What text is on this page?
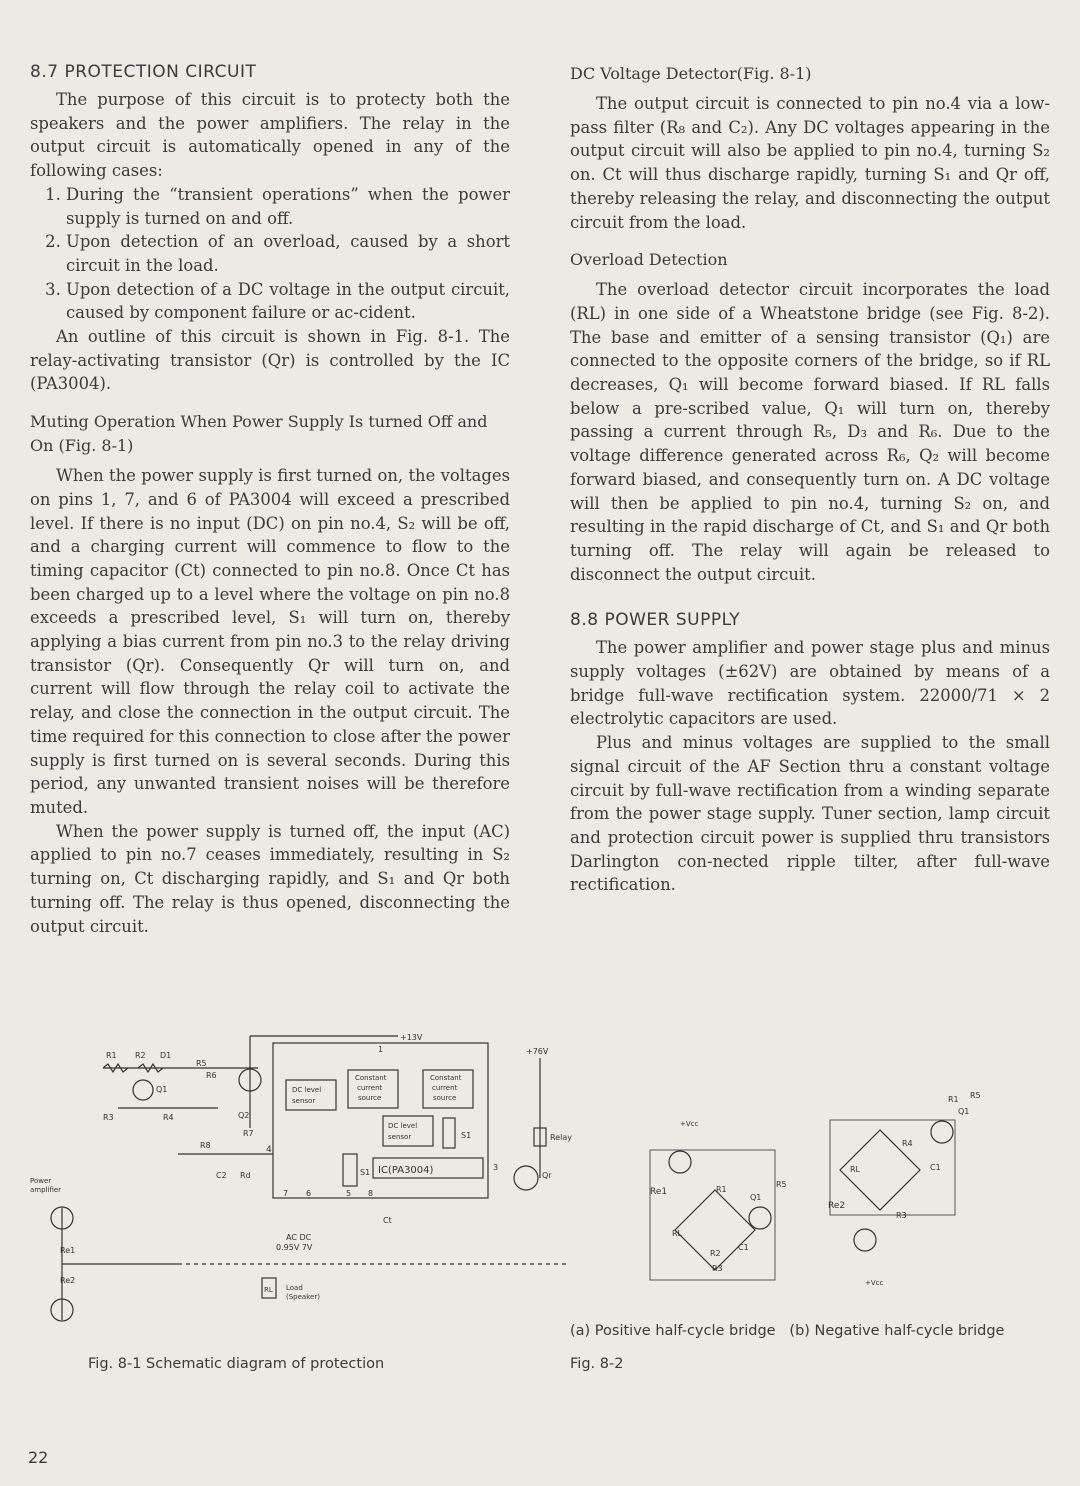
8.7 PROTECTION CIRCUIT

The purpose of this circuit is to protecty both the speakers and the power amplifiers. The relay in the output circuit is automatically opened in any of the following cases:

1. During the “transient operations” when the power supply is turned on and off.
2. Upon detection of an overload, caused by a short circuit in the load.
3. Upon detection of a DC voltage in the output circuit, caused by component failure or ac-cident.

An outline of this circuit is shown in Fig. 8-1. The relay-activating transistor (Qr) is controlled by the IC (PA3004).

Muting Operation When Power Supply Is turned Off and On (Fig. 8-1)

When the power supply is first turned on, the voltages on pins 1, 7, and 6 of PA3004 will exceed a prescribed level. If there is no input (DC) on pin no.4, S₂ will be off, and a charging current will commence to flow to the timing capacitor (Ct) connected to pin no.8. Once Ct has been charged up to a level where the voltage on pin no.8 exceeds a prescribed level, S₁ will turn on, thereby applying a bias current from pin no.3 to the relay driving transistor (Qr). Consequently Qr will turn on, and current will flow through the relay coil to activate the relay, and close the connection in the output circuit. The time required for this connection to close after the power supply is first turned on is several seconds. During this period, any unwanted transient noises will be therefore muted.

When the power supply is turned off, the input (AC) applied to pin no.7 ceases immediately, resulting in S₂ turning on, Ct discharging rapidly, and S₁ and Qr both turning off. The relay is thus opened, disconnecting the output circuit.

DC Voltage Detector(Fig. 8-1)

The output circuit is connected to pin no.4 via a low-pass filter (R₈ and C₂). Any DC voltages appearing in the output circuit will also be applied to pin no.4, turning S₂ on. Ct will thus discharge rapidly, turning S₁ and Qr off, thereby releasing the relay, and disconnecting the output circuit from the load.

Overload Detection

The overload detector circuit incorporates the load (RL) in one side of a Wheatstone bridge (see Fig. 8-2). The base and emitter of a sensing transistor (Q₁) are connected to the opposite corners of the bridge, so if RL decreases, Q₁ will become forward biased. If RL falls below a pre-scribed value, Q₁ will turn on, thereby passing a current through R₅, D₃ and R₆. Due to the voltage difference generated across R₆, Q₂ will become forward biased, and consequently turn on. A DC voltage will then be applied to pin no.4, turning S₂ on, and resulting in the rapid discharge of Ct, and S₁ and Qr both turning off. The relay will again be released to disconnect the output circuit.

8.8 POWER SUPPLY

The power amplifier and power stage plus and minus supply voltages (±62V) are obtained by means of a bridge full-wave rectification system. 22000/71 × 2 electrolytic capacitors are used.

Plus and minus voltages are supplied to the small signal circuit of the AF Section thru a constant voltage circuit by full-wave rectification from a winding separate from the power stage supply. Tuner section, lamp circuit and protection circuit power is supplied thru transistors Darlington con-nected ripple tilter, after full-wave rectification.

+13V
R1 R2 D1
Q1
Q2
R3	R4
R5
R6
R7
R8
C2 Rd
4
1
DC level
sensor
Constant
current
source
Constant
current
source
DC level
sensor	S1
S1 IC(PA3004)	3
7 6	5 8
Ct
AC DC
0.95V 7V
+76V
Relay
Qr
Power
amplifier
Re1
Re2
RL Load
(Speaker)
Fig. 8-1 Schematic diagram of protection
+Vcc
Re1	R1
RL
R2
R3
Q1
R5
C1
R1
Q1
R5
RL
R4
C1
Re2
R3
+Vcc
(a) Positive half-cycle bridge (b) Negative half-cycle bridge
Fig. 8-2
22
